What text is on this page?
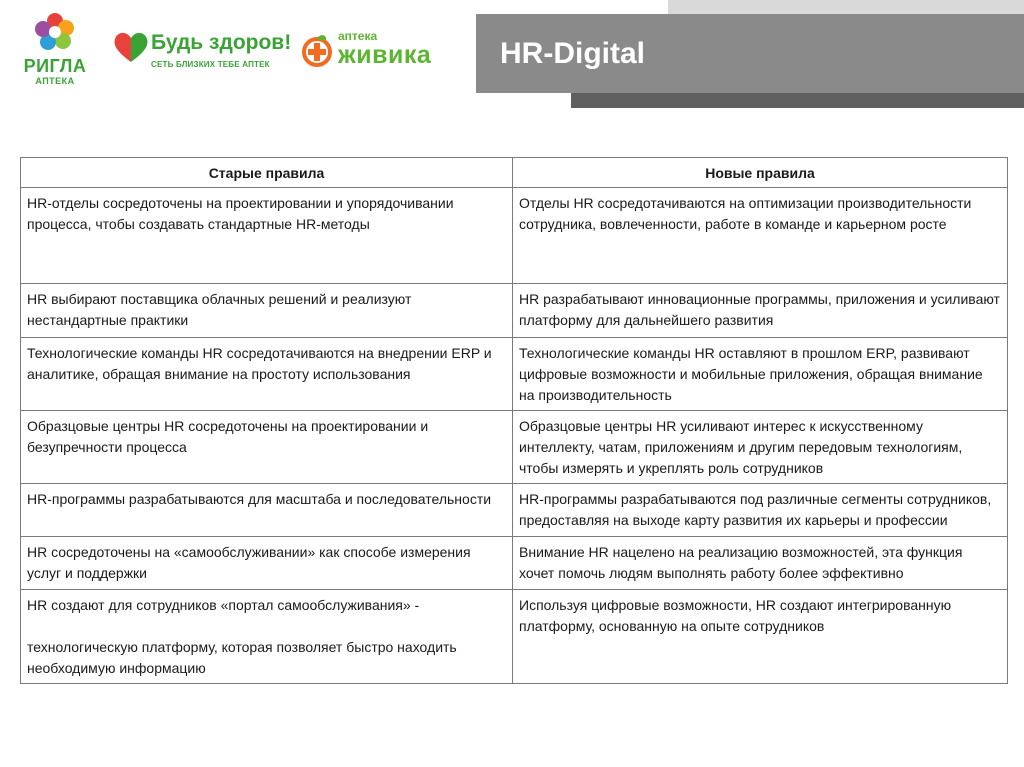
РИГЛА
АПТЕКА
Будь здоров!
СЕТЬ БЛИЗКИХ ТЕБЕ АПТЕК
аптека
живика HR-Digital
Старые правила	Новые правила

HR-отделы сосредоточены на проектировании и упорядочивании процесса, чтобы создавать стандартные HR-методы	Отделы HR сосредотачиваются на оптимизации производительности сотрудника, вовлеченности, работе в команде и карьерном росте

HR выбирают поставщика облачных решений и реализуют нестандартные практики	HR разрабатывают инновационные программы, приложения и усиливают платформу для дальнейшего развития

Технологические команды HR сосредотачиваются на внедрении ERP и аналитике, обращая внимание на простоту использования	Технологические команды HR оставляют в прошлом ERP, развивают цифровые возможности и мобильные приложения, обращая внимание на производительность

Образцовые центры HR сосредоточены на проектировании и безупречности процесса	Образцовые центры HR усиливают интерес к искусственному интеллекту, чатам, приложениям и другим передовым технологиям, чтобы измерять и укреплять роль сотрудников

HR-программы разрабатываются для масштаба и последовательности	HR-программы разрабатываются под различные сегменты сотрудников, предоставляя на выходе карту развития их карьеры и профессии

HR сосредоточены на «самообслуживании» как способе измерения услуг и поддержки	Внимание HR нацелено на реализацию возможностей, эта функция хочет помочь людям выполнять работу более эффективно

HR создают для сотрудников «портал самообслуживания» -
технологическую платформу, которая позволяет быстро находить необходимую информацию	Используя цифровые возможности, HR создают интегрированную платформу, основанную на опыте сотрудников
